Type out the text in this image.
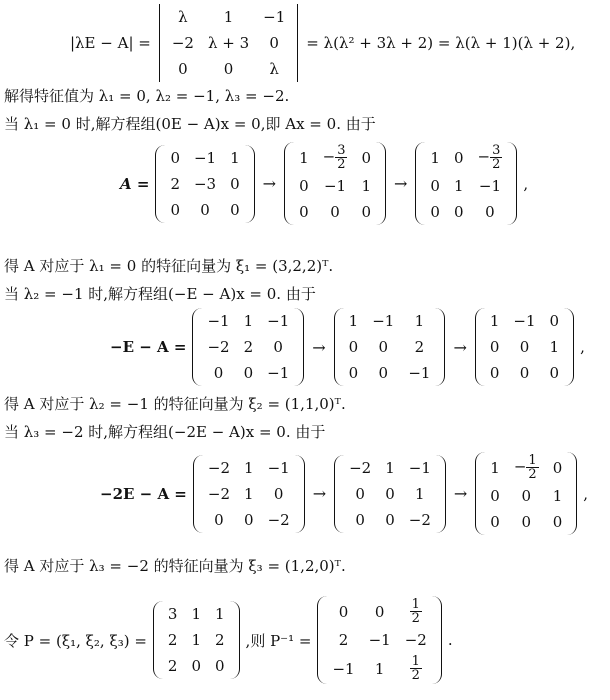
|λE − A| =
λ	1	−1
−2	λ + 3	0
0	0	λ
= λ(λ² + 3λ + 2) = λ(λ + 1)(λ + 2),
解得特征值为 λ₁ = 0, λ₂ = −1, λ₃ = −2.
当 λ₁ = 0 时,解方程组(0E − A)x = 0,即 Ax = 0. 由于
A =
0	−1	1
2	−3	0
0	0	0
→
1	− $\frac{3}{2}$	0
0	−1	1
0	0	0
→
1	0	− $\frac{3}{2}$

0	1	−1
0	0	0
,
得 A 对应于 λ₁ = 0 的特征向量为 ξ₁ = (3,2,2)ᵀ.
当 λ₂ = −1 时,解方程组(−E − A)x = 0. 由于
−E − A =
−1	1	−1
−2	2	0
0	0	−1
→
1	−1	1
0	0	2
0	0	−1
→
1	−1	0
0	0	1
0	0	0
,
得 A 对应于 λ₂ = −1 的特征向量为 ξ₂ = (1,1,0)ᵀ.
当 λ₃ = −2 时,解方程组(−2E − A)x = 0. 由于
−2E − A =
−2	1	−1
−2	1	0
0	0	−2
→
−2	1	−1
0	0	1
0	0	−2
→
1	− $\frac{1}{2}$	0
0	0	1
0	0	0
,
得 A 对应于 λ₃ = −2 的特征向量为 ξ₃ = (1,2,0)ᵀ.
令 P = (ξ₁, ξ₂, ξ₃) =
3	1	1
2	1	2
2	0	0
,则 P⁻¹ =
0	0	$\frac{1}{2}$

2	−1	−2
−1	1	$\frac{1}{2}$
.
